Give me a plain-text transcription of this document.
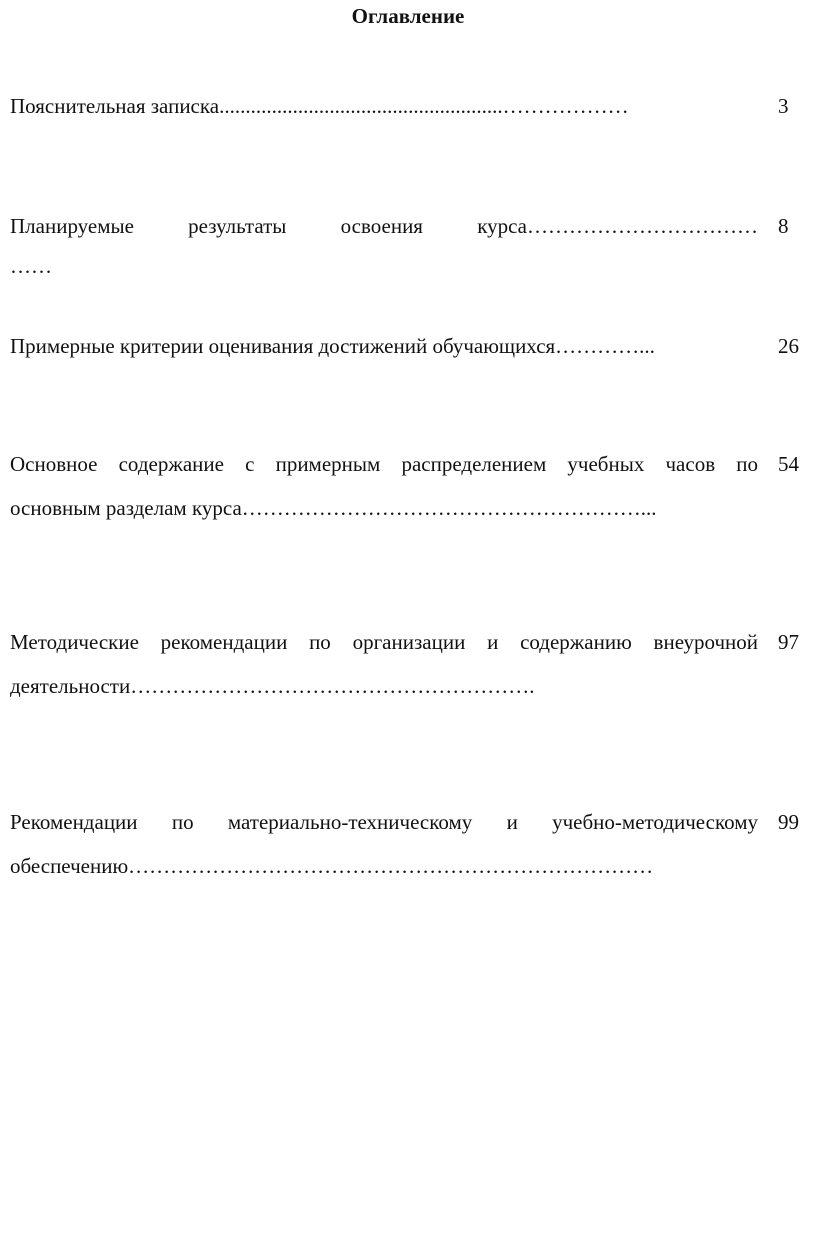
Оглавление
Пояснительная записка......................................................………………	3
Планируемые результаты освоения курса……………………………
……
8
Примерные критерии оценивания достижений обучающихся…………...	26
Основное содержание с примерным распределением учебных часов по
основным разделам курса…………………………………………………...
54
Методические рекомендации по организации и содержанию внеурочной
деятельности………………………………………………….
97
Рекомендации по материально-техническому и учебно-методическому
обеспечению…………………………………………………………………
99
